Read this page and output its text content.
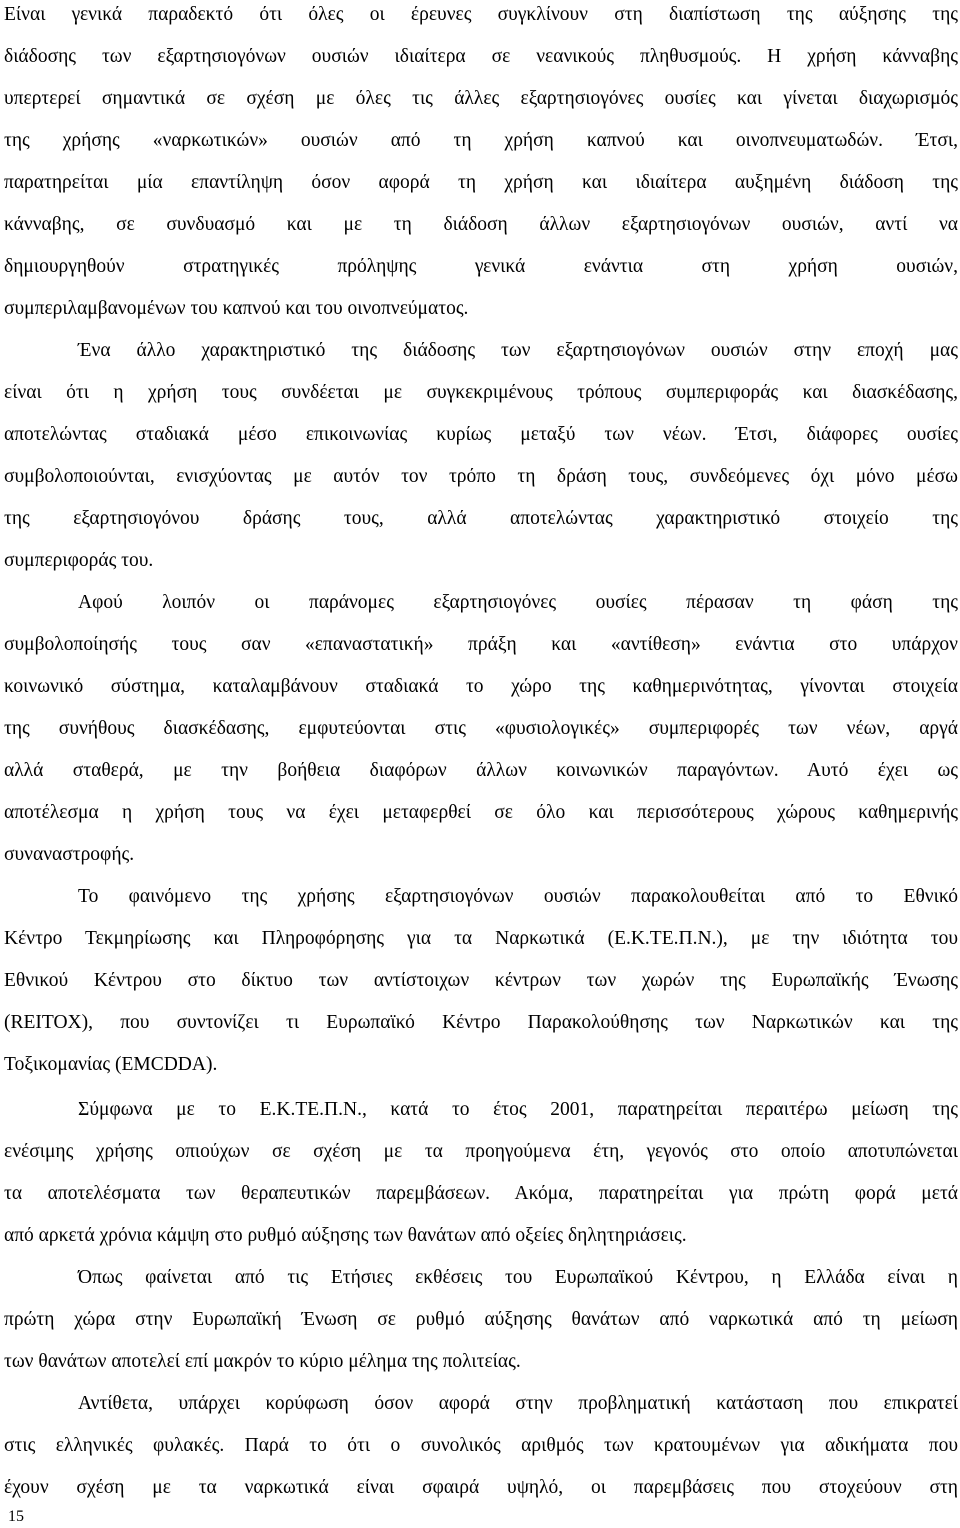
Είναι γενικά παραδεκτό ότι όλες οι έρευνες συγκλίνουν στη διαπίστωση της αύξησης της
διάδοσης των εξαρτησιογόνων ουσιών ιδιαίτερα σε νεανικούς πληθυσμούς. Η χρήση κάνναβης
υπερτερεί σημαντικά σε σχέση με όλες τις άλλες εξαρτησιογόνες ουσίες και γίνεται διαχωρισμός
της χρήσης «ναρκωτικών» ουσιών από τη χρήση καπνού και οινοπνευματωδών. Έτσι,
παρατηρείται μία επαντίληψη όσον αφορά τη χρήση και ιδιαίτερα αυξημένη διάδοση της
κάνναβης, σε συνδυασμό και με τη διάδοση άλλων εξαρτησιογόνων ουσιών, αντί να
δημιουργηθούν στρατηγικές πρόληψης γενικά ενάντια στη χρήση ουσιών,
συμπεριλαμβανομένων του καπνού και του οινοπνεύματος.
Ένα άλλο χαρακτηριστικό της διάδοσης των εξαρτησιογόνων ουσιών στην εποχή μας
είναι ότι η χρήση τους συνδέεται με συγκεκριμένους τρόπους συμπεριφοράς και διασκέδασης,
αποτελώντας σταδιακά μέσο επικοινωνίας κυρίως μεταξύ των νέων. Έτσι, διάφορες ουσίες
συμβολοποιούνται, ενισχύοντας με αυτόν τον τρόπο τη δράση τους, συνδεόμενες όχι μόνο μέσω
της εξαρτησιογόνου δράσης τους, αλλά αποτελώντας χαρακτηριστικό στοιχείο της
συμπεριφοράς του.
Αφού λοιπόν οι παράνομες εξαρτησιογόνες ουσίες πέρασαν τη φάση της
συμβολοποίησής τους σαν «επαναστατική» πράξη και «αντίθεση» ενάντια στο υπάρχον
κοινωνικό σύστημα, καταλαμβάνουν σταδιακά το χώρο της καθημερινότητας, γίνονται στοιχεία
της συνήθους διασκέδασης, εμφυτεύονται στις «φυσιολογικές» συμπεριφορές των νέων, αργά
αλλά σταθερά, με την βοήθεια διαφόρων άλλων κοινωνικών παραγόντων. Αυτό έχει ως
αποτέλεσμα η χρήση τους να έχει μεταφερθεί σε όλο και περισσότερους χώρους καθημερινής
συναναστροφής.
Το φαινόμενο της χρήσης εξαρτησιογόνων ουσιών παρακολουθείται από το Εθνικό
Κέντρο Τεκμηρίωσης και Πληροφόρησης για τα Ναρκωτικά (Ε.Κ.ΤΕ.Π.Ν.), με την ιδιότητα του
Εθνικού Κέντρου στο δίκτυο των αντίστοιχων κέντρων των χωρών της Ευρωπαϊκής Ένωσης
(REITOX), που συντονίζει τι Ευρωπαϊκό Κέντρο Παρακολούθησης των Ναρκωτικών και της
Τοξικομανίας (EMCDDA).
Σύμφωνα με το Ε.Κ.ΤΕ.Π.Ν., κατά το έτος 2001, παρατηρείται περαιτέρω μείωση της
ενέσιμης χρήσης οπιούχων σε σχέση με τα προηγούμενα έτη, γεγονός στο οποίο αποτυπώνεται
τα αποτελέσματα των θεραπευτικών παρεμβάσεων. Ακόμα, παρατηρείται για πρώτη φορά μετά
από αρκετά χρόνια κάμψη στο ρυθμό αύξησης των θανάτων από οξείες δηλητηριάσεις.
Όπως φαίνεται από τις Ετήσιες εκθέσεις του Ευρωπαϊκού Κέντρου, η Ελλάδα είναι η
πρώτη χώρα στην Ευρωπαϊκή Ένωση σε ρυθμό αύξησης θανάτων από ναρκωτικά από τη μείωση
των θανάτων αποτελεί επί μακρόν το κύριο μέλημα της πολιτείας.
Αντίθετα, υπάρχει κορύφωση όσον αφορά στην προβληματική κατάσταση που επικρατεί
στις ελληνικές φυλακές. Παρά το ότι ο συνολικός αριθμός των κρατουμένων για αδικήματα που
έχουν σχέση με τα ναρκωτικά είναι σφαιρά υψηλό, οι παρεμβάσεις που στοχεύουν στη
15
